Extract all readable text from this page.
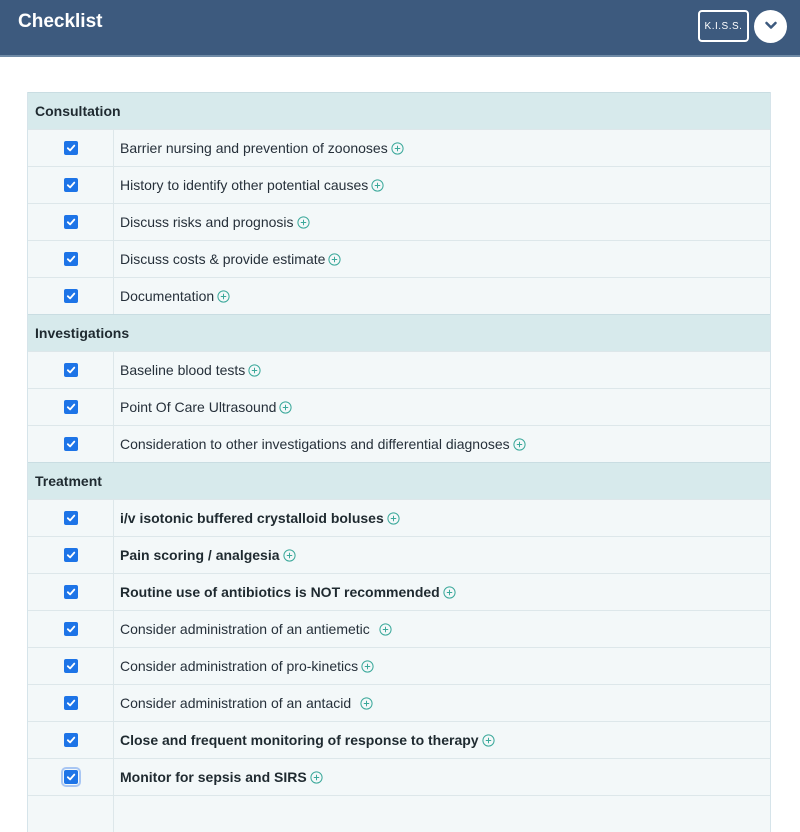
Checklist	K.I.S.S.
Consultation
Barrier nursing and prevention of zoonoses
History to identify other potential causes
Discuss risks and prognosis
Discuss costs & provide estimate
Documentation
Investigations
Baseline blood tests
Point Of Care Ultrasound
Consideration to other investigations and differential diagnoses
Treatment
i/v isotonic buffered crystalloid boluses
Pain scoring / analgesia
Routine use of antibiotics is NOT recommended
Consider administration of an antiemetic
Consider administration of pro-kinetics
Consider administration of an antacid
Close and frequent monitoring of response to therapy
Monitor for sepsis and SIRS
